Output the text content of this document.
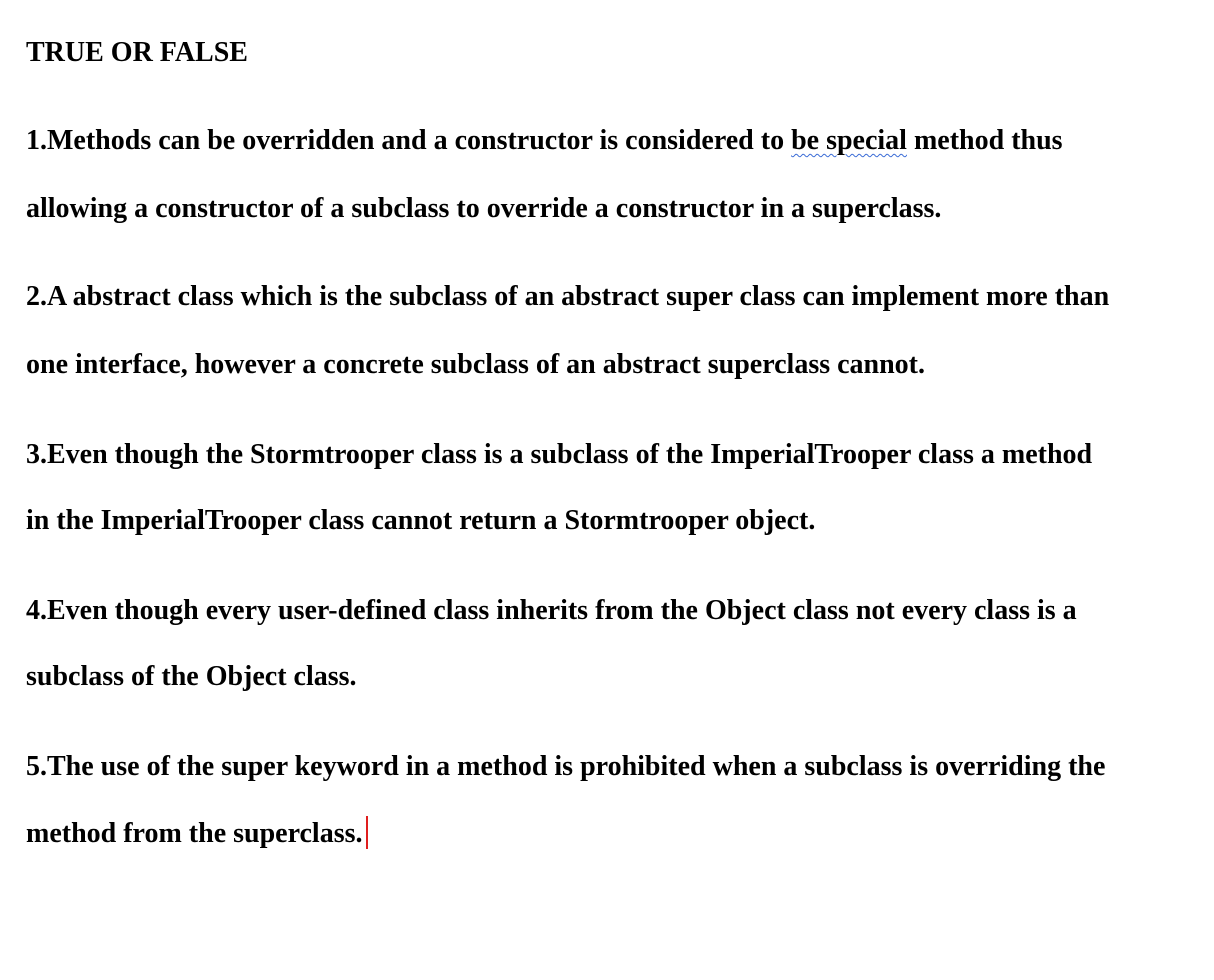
TRUE OR FALSE
1.Methods can be overridden and a constructor is considered to be special method thus
allowing a constructor of a subclass to override a constructor in a superclass.
2.A abstract class which is the subclass of an abstract super class can implement more than
one interface, however a concrete subclass of an abstract superclass cannot.
3.Even though the Stormtrooper class is a subclass of the ImperialTrooper class a method
in the ImperialTrooper class cannot return a Stormtrooper object.
4.Even though every user-defined class inherits from the Object class not every class is a
subclass of the Object class.
5.The use of the super keyword in a method is prohibited when a subclass is overriding the
method from the superclass.
